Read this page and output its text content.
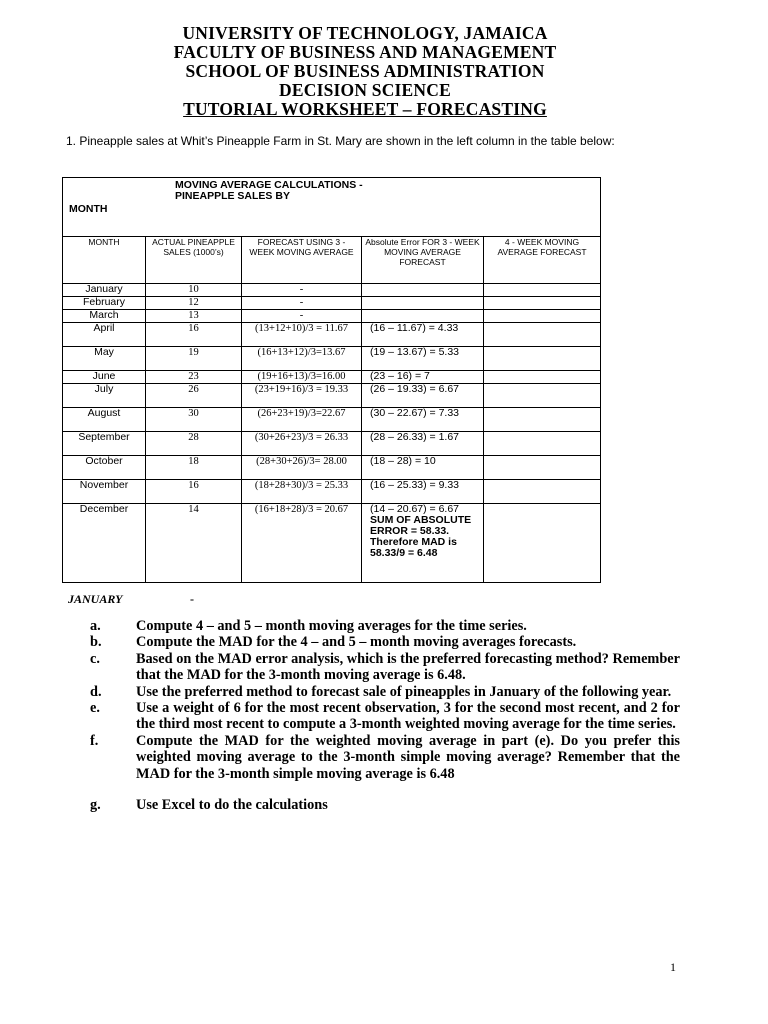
UNIVERSITY OF TECHNOLOGY, JAMAICA
FACULTY OF BUSINESS AND MANAGEMENT
SCHOOL OF BUSINESS ADMINISTRATION
DECISION SCIENCE
TUTORIAL WORKSHEET – FORECASTING
1. Pineapple sales at Whit’s Pineapple Farm in St. Mary are shown in the left column in the table below:
MOVING AVERAGE CALCULATIONS -
PINEAPPLE SALES BY
MONTH				

MONTH	ACTUAL PINEAPPLE SALES (1000’s)	FORECAST USING 3 - WEEK MOVING AVERAGE	Absolute Error FOR 3 - WEEK MOVING AVERAGE FORECAST	4 - WEEK MOVING AVERAGE FORECAST
January	10	-		
February	12	-		
March	13	-		
April	16	(13+12+10)/3 = 11.67	(16 – 11.67) = 4.33	
May	19	(16+13+12)/3=13.67	(19 – 13.67) = 5.33	
June	23	(19+16+13)/3=16.00	(23 – 16) = 7	
July	26	(23+19+16)/3 = 19.33	(26 – 19.33) = 6.67	
August	30	(26+23+19)/3=22.67	(30 – 22.67) = 7.33	
September	28	(30+26+23)/3 = 26.33	(28 – 26.33) = 1.67	
October	18	(28+30+26)/3= 28.00	(18 – 28) = 10	
November	16	(18+28+30)/3 = 25.33	(16 – 25.33) = 9.33	
December	14	(16+18+28)/3 = 20.67	(14 – 20.67) = 6.67
SUM OF ABSOLUTE ERROR = 58.33. Therefore MAD is 58.33/9 = 6.48	

JANUARY	-
a. Compute 4 – and 5 – month moving averages for the time series.
b. Compute the MAD for the 4 – and 5 – month moving averages forecasts.
c.	Based on the MAD error analysis, which is the preferred forecasting method? Remember that the MAD for the 3-month moving average is 6.48.
d. Use the preferred method to forecast sale of pineapples in January of the following year.
e.	Use a weight of 6 for the most recent observation, 3 for the second most recent, and 2 for the third most recent to compute a 3-month weighted moving average for the time series.
f.	Compute the MAD for the weighted moving average in part (e). Do you prefer this weighted moving average to the 3-month simple moving average? Remember that the MAD for the 3-month simple moving average is 6.48
g. Use Excel to do the calculations
1
